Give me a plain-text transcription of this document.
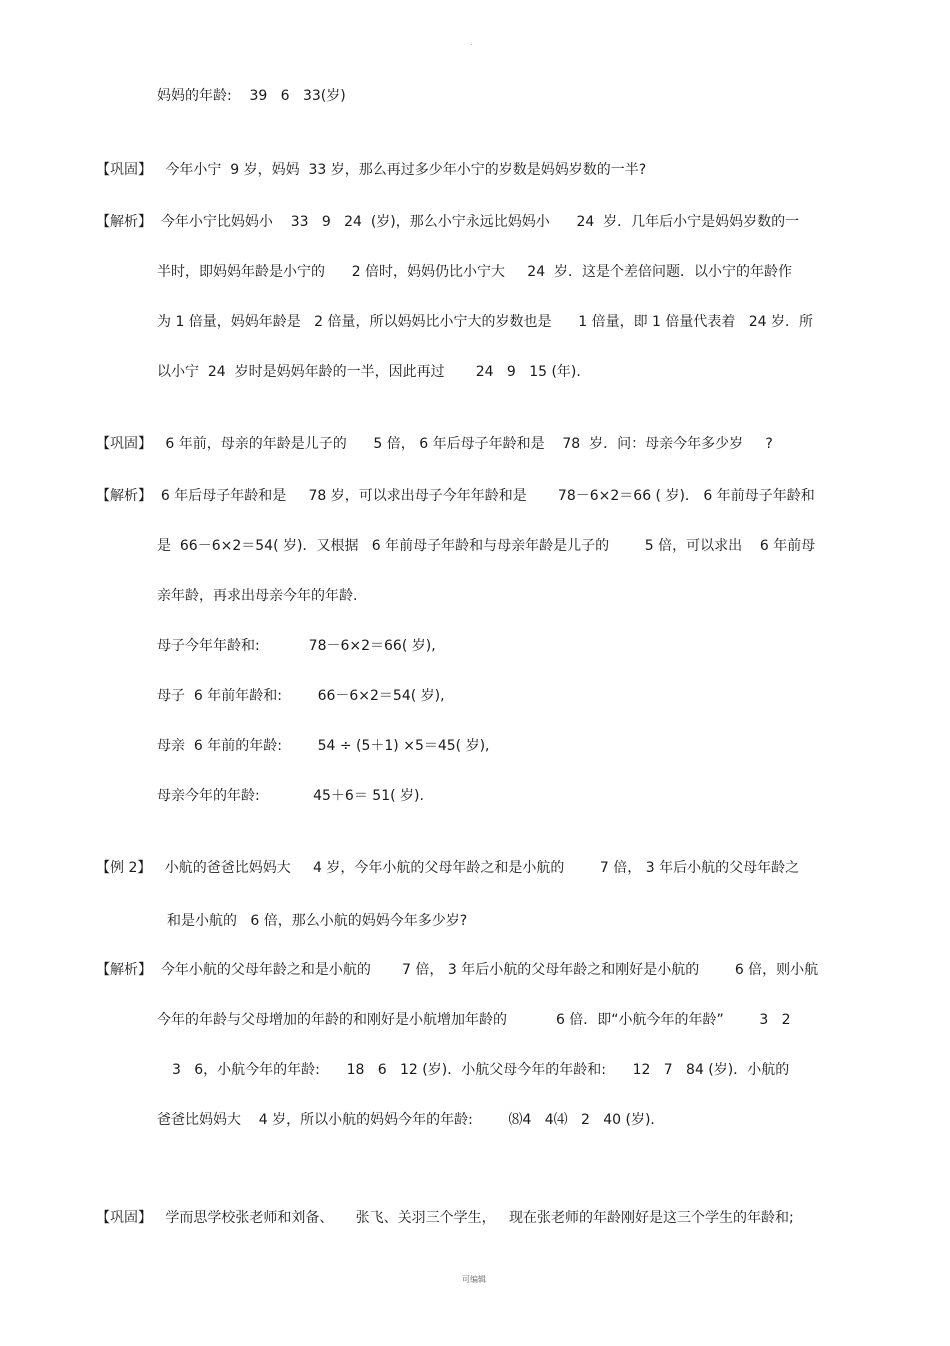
.
妈妈的年龄:    39   6   33(岁)
【巩固】   今年小宁  9 岁，妈妈  33 岁，那么再过多少年小宁的岁数是妈妈岁数的一半?
【解析】  今年小宁比妈妈小    33   9   24  (岁)，那么小宁永远比妈妈小      24  岁．几年后小宁是妈妈岁数的一
半时，即妈妈年龄是小宁的      2 倍时，妈妈仍比小宁大     24  岁．这是个差倍问题．以小宁的年龄作
为 1 倍量，妈妈年龄是   2 倍量，所以妈妈比小宁大的岁数也是      1 倍量，即 1 倍量代表着   24 岁．所
以小宁  24  岁时是妈妈年龄的一半，因此再过       24   9   15 (年).
【巩固】   6 年前，母亲的年龄是儿子的      5 倍， 6 年后母子年龄和是    78  岁．问：母亲今年多少岁     ?
【解析】  6 年后母子年龄和是     78 岁，可以求出母子今年年龄和是       78－6×2＝66 ( 岁)． 6 年前母子年龄和
是  66－6×2＝54( 岁)．又根据   6 年前母子年龄和与母亲年龄是儿子的        5 倍，可以求出    6 年前母
亲年龄，再求出母亲今年的年龄.
母子今年年龄和:           78－6×2＝66( 岁),
母子  6 年前年龄和:        66－6×2＝54( 岁),
母亲  6 年前的年龄:        54 ÷ (5＋1) ×5＝45( 岁),
母亲今年的年龄:            45＋6＝ 51( 岁).
【例 2】   小航的爸爸比妈妈大     4 岁，今年小航的父母年龄之和是小航的        7 倍， 3 年后小航的父母年龄之
和是小航的   6 倍，那么小航的妈妈今年多少岁?
【解析】  今年小航的父母年龄之和是小航的       7 倍， 3 年后小航的父母年龄之和刚好是小航的        6 倍，则小航
今年的年龄与父母增加的年龄的和刚好是小航增加年龄的           6 倍．即“小航今年的年龄”        3   2
3   6，小航今年的年龄:      18   6   12 (岁)．小航父母今年的年龄和:      12   7   84 (岁)．小航的
爸爸比妈妈大    4 岁，所以小航的妈妈今年的年龄:        ⑻4   4⑷   2   40 (岁)．
【巩固】   学而思学校张老师和刘备、     张飞、关羽三个学生，   现在张老师的年龄刚好是这三个学生的年龄和;
可编辑
